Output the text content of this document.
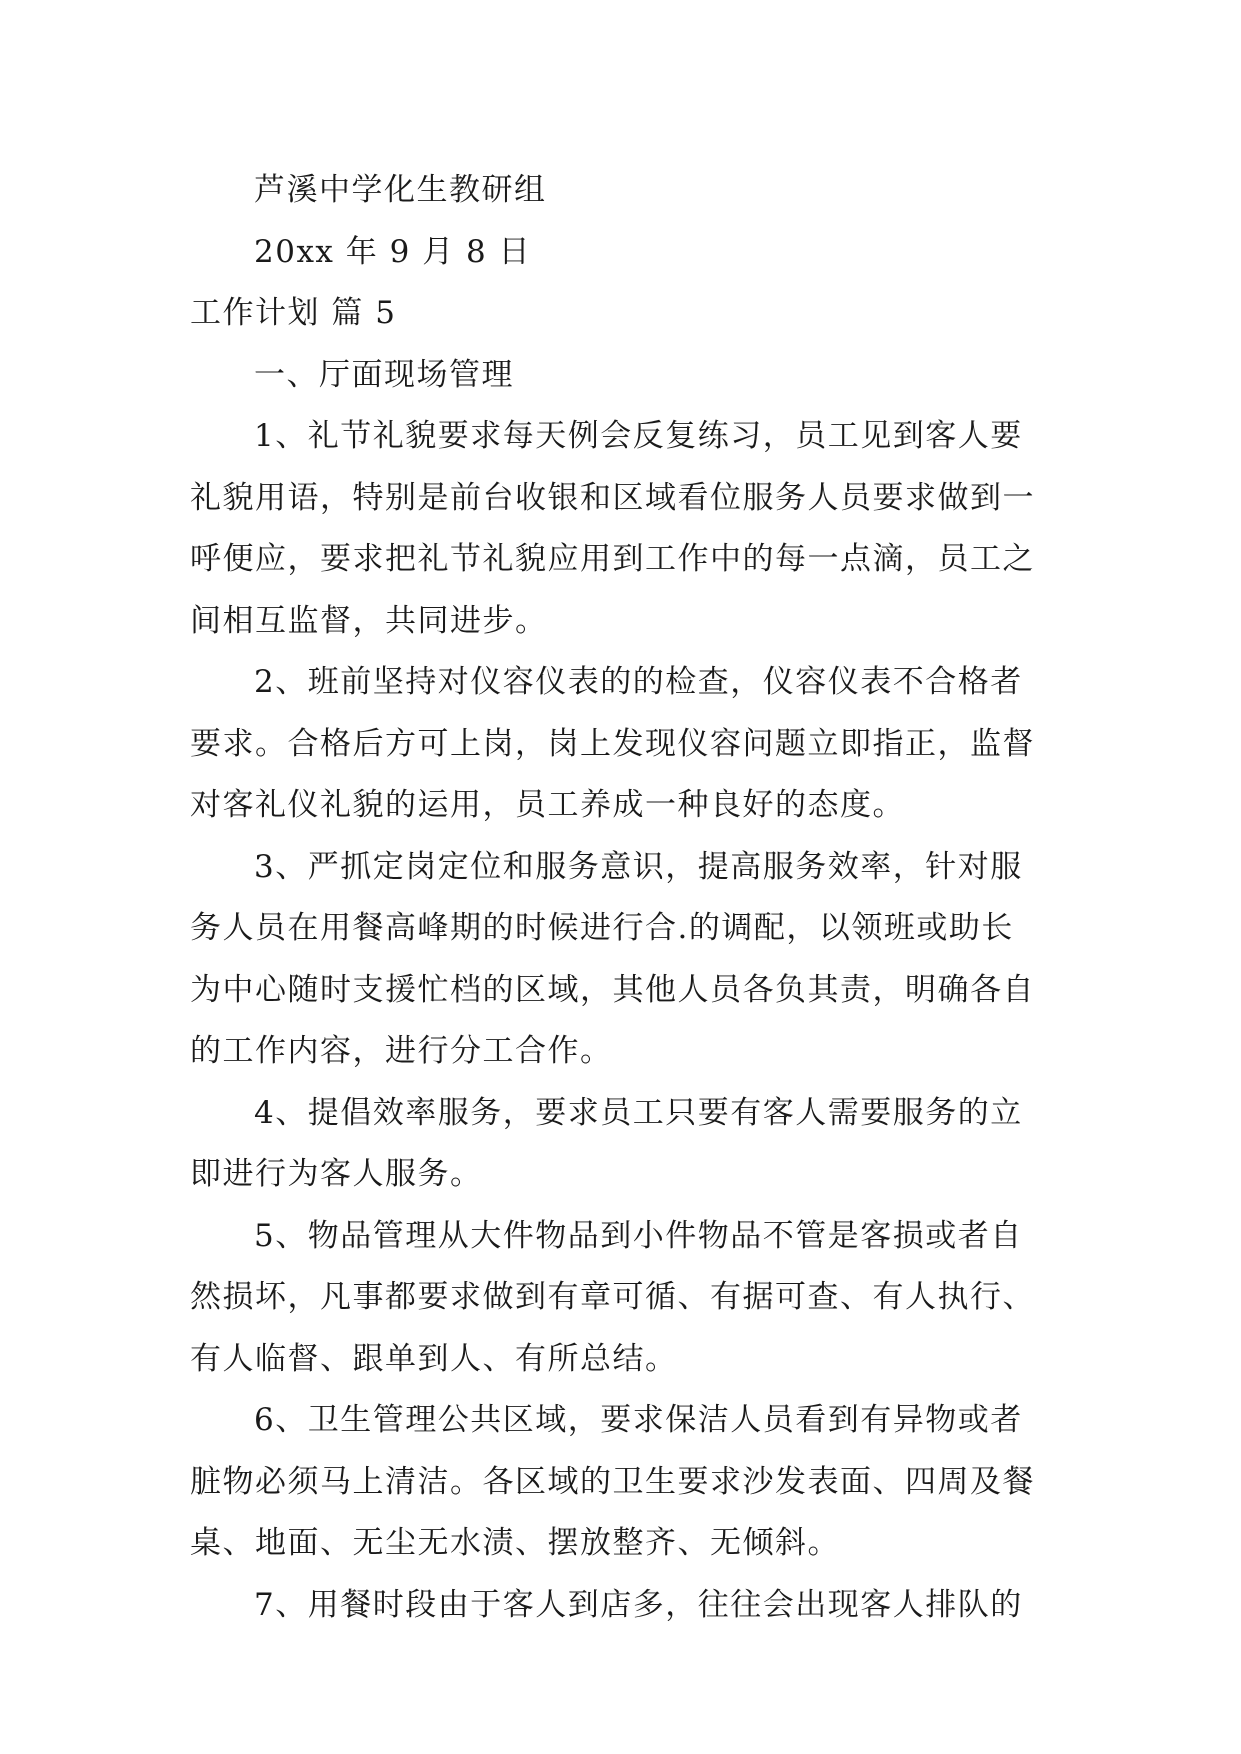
芦溪中学化生教研组
20xx 年 9 月 8 日
工作计划 篇 5
一、厅面现场管理
1、礼节礼貌要求每天例会反复练习，员工见到客人要
礼貌用语，特别是前台收银和区域看位服务人员要求做到一
呼便应，要求把礼节礼貌应用到工作中的每一点滴，员工之
间相互监督，共同进步。
2、班前坚持对仪容仪表的的检查，仪容仪表不合格者
要求。合格后方可上岗，岗上发现仪容问题立即指正，监督
对客礼仪礼貌的运用，员工养成一种良好的态度。
3、严抓定岗定位和服务意识，提高服务效率，针对服
务人员在用餐高峰期的时候进行合.的调配，以领班或助长
为中心随时支援忙档的区域，其他人员各负其责，明确各自
的工作内容，进行分工合作。
4、提倡效率服务，要求员工只要有客人需要服务的立
即进行为客人服务。
5、物品管理从大件物品到小件物品不管是客损或者自
然损坏，凡事都要求做到有章可循、有据可查、有人执行、
有人临督、跟单到人、有所总结。
6、卫生管理公共区域，要求保洁人员看到有异物或者
脏物必须马上清洁。各区域的卫生要求沙发表面、四周及餐
桌、地面、无尘无水渍、摆放整齐、无倾斜。
7、用餐时段由于客人到店多，往往会出现客人排队的
